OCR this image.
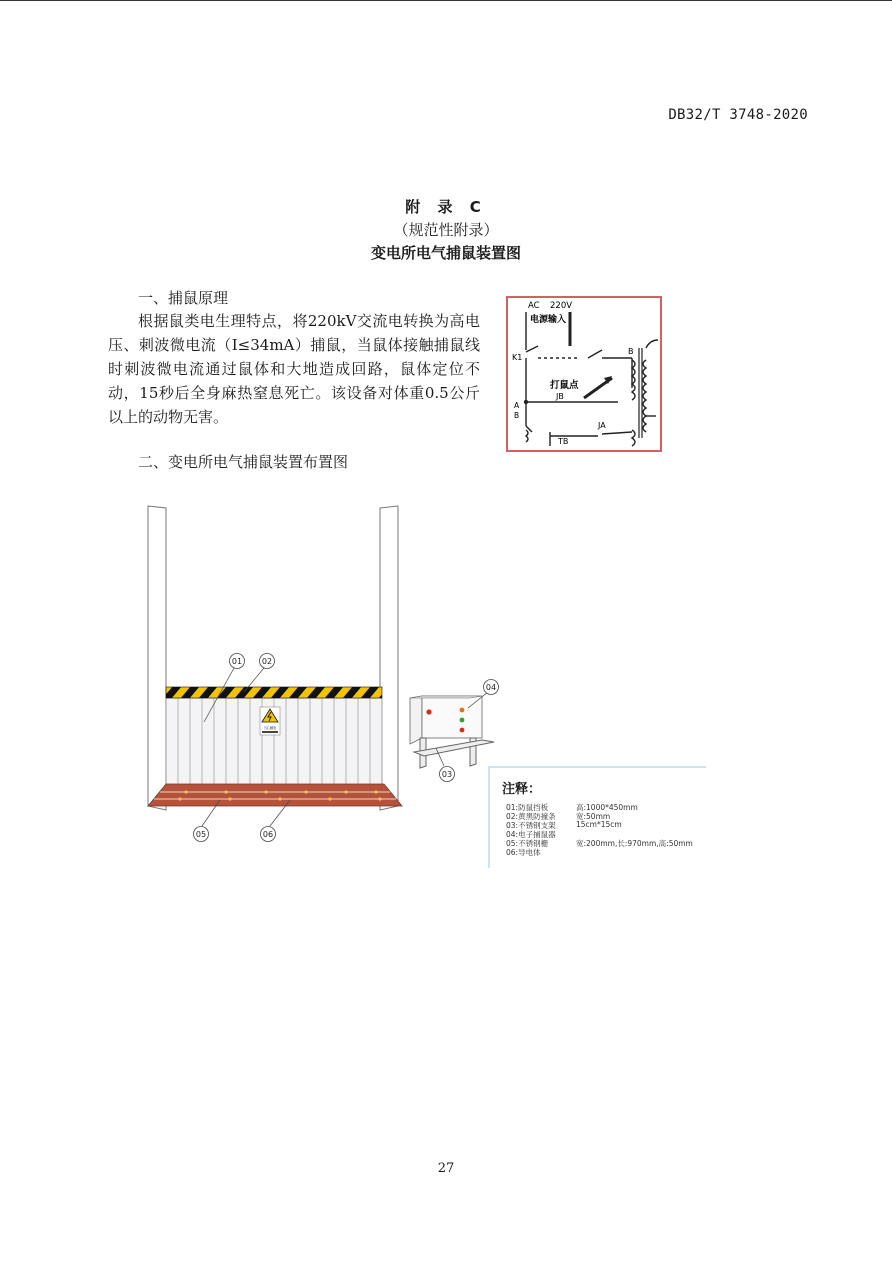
DB32/T 3748-2020
附 录 C
（规范性附录）
变电所电气捕鼠装置图
一、捕鼠原理
根据鼠类电生理特点，将220kV交流电转换为高电压、刺波微电流（I≤34mA）捕鼠，当鼠体接触捕鼠线时刺波微电流通过鼠体和大地造成回路，鼠体定位不动，15秒后全身麻热窒息死亡。该设备对体重0.5公斤以上的动物无害。
AC 220V
电源输入
K1
B
打鼠点
JB
A
B
JA
TB
二、变电所电气捕鼠装置布置图
当心触电
01 02
03
04
05	06
注释：
01:防鼠挡板	高:1000*450mm
02:黄黑防撞条	宽:50mm
03:不锈钢支架	15cm*15cm
04:电子捕鼠器
05:不锈钢栅	宽:200mm,长:970mm,高:50mm
06:导电体
27
